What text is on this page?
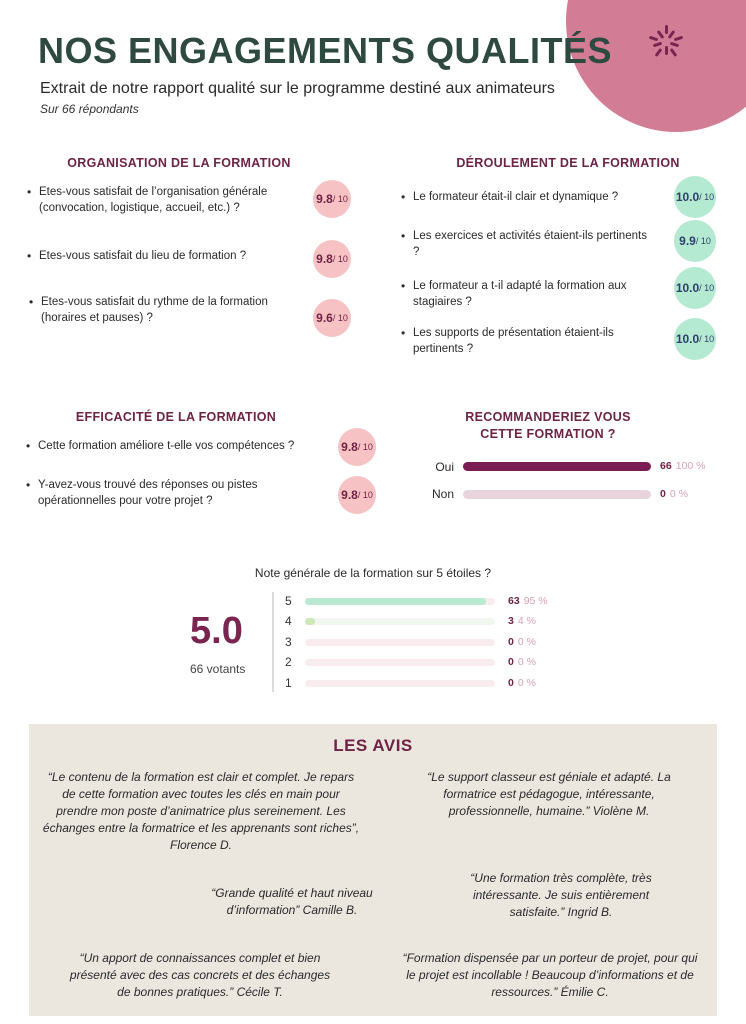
NOS ENGAGEMENTS QUALITÉS
Extrait de notre rapport qualité sur le programme destiné aux animateurs
Sur 66 répondants
ORGANISATION DE LA FORMATION
• Etes-vous satisfait de l’organisation générale (convocation, logistique, accueil, etc.) ?
9.8 / 10
• Etes-vous satisfait du lieu de formation ?	9.8 / 10
• Etes-vous satisfait du rythme de la formation (horaires et pauses) ?	9.6 / 10
DÉROULEMENT DE LA FORMATION
• Le formateur était-il clair et dynamique ?	10.0 / 10
• Les exercices et activités étaient-ils pertinents ?
9.9 / 10
• Le formateur a t-il adapté la formation aux stagiaires ?
10.0 / 10
• Les supports de présentation étaient-ils pertinents ?
10.0 / 10
EFFICACITÉ DE LA FORMATION
• Cette formation améliore t-elle vos compétences ?	9.8 / 10
• Y-avez-vous trouvé des réponses ou pistes opérationnelles pour votre projet ?	9.8 / 10
RECOMMANDERIEZ VOUS CETTE FORMATION ?
Oui	66 100 %
Non	0 0 %
Note générale de la formation sur 5 étoiles ?
5.0
66 votants
5	63 95 %
4	3 4 %
3	0 0 %
2	0 0 %
1	0 0 %
LES AVIS
“Le contenu de la formation est clair et complet. Je repars de cette formation avec toutes les clés en main pour prendre mon poste d’animatrice plus sereinement. Les échanges entre la formatrice et les apprenants sont riches”, Florence D.
“Le support classeur est géniale et adapté. La formatrice est pédagogue, intéressante, professionnelle, humaine.” Violène M.
“Grande qualité et haut niveau d’information” Camille B.
“Une formation très complète, très intéressante. Je suis entièrement satisfaite.” Ingrid B.
“Un apport de connaissances complet et bien présenté avec des cas concrets et des échanges de bonnes pratiques.” Cécile T.
“Formation dispensée par un porteur de projet, pour qui le projet est incollable ! Beaucoup d’informations et de ressources.” Émilie C.
